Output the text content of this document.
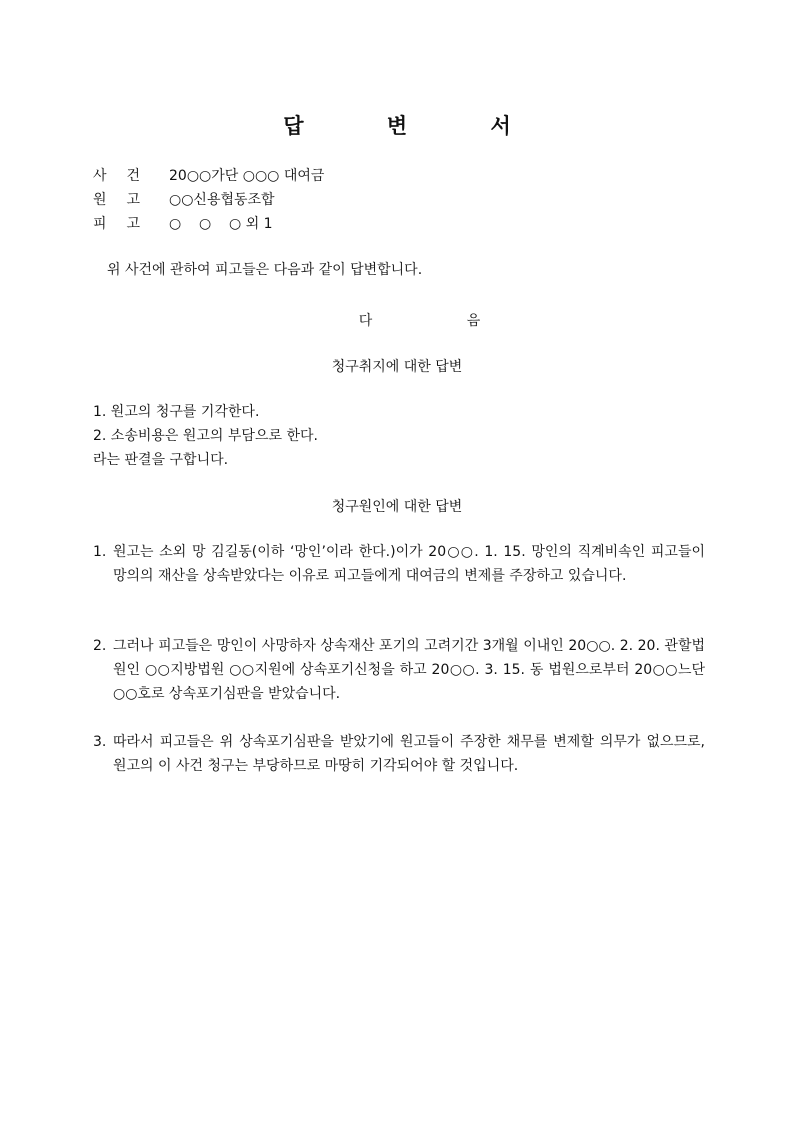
답 변 서
사건 20○○가단 ○○○ 대여금
원고 ○○신용협동조합
피고 ○    ○    ○ 외 1
위 사건에 관하여 피고들은 다음과 같이 답변합니다.
다 음
청구취지에 대한 답변
1. 원고의 청구를 기각한다.
2. 소송비용은 원고의 부담으로 한다.
라는 판결을 구합니다.
청구원인에 대한 답변
1. 원고는 소외 망 김길동(이하 ‘망인’이라 한다.)이가 20○○. 1. 15. 망인의 직계비속인 피고들이 망의의 재산을 상속받았다는 이유로 피고들에게 대여금의 변제를 주장하고 있습니다.
2. 그러나 피고들은 망인이 사망하자 상속재산 포기의 고려기간 3개월 이내인 20○○. 2. 20. 관할법원인 ○○지방법원 ○○지원에 상속포기신청을 하고 20○○. 3. 15. 동 법원으로부터 20○○느단 ○○호로 상속포기심판을 받았습니다.
3. 따라서 피고들은 위 상속포기심판을 받았기에 원고들이 주장한 채무를 변제할 의무가 없으므로, 원고의 이 사건 청구는 부당하므로 마땅히 기각되어야 할 것입니다.
